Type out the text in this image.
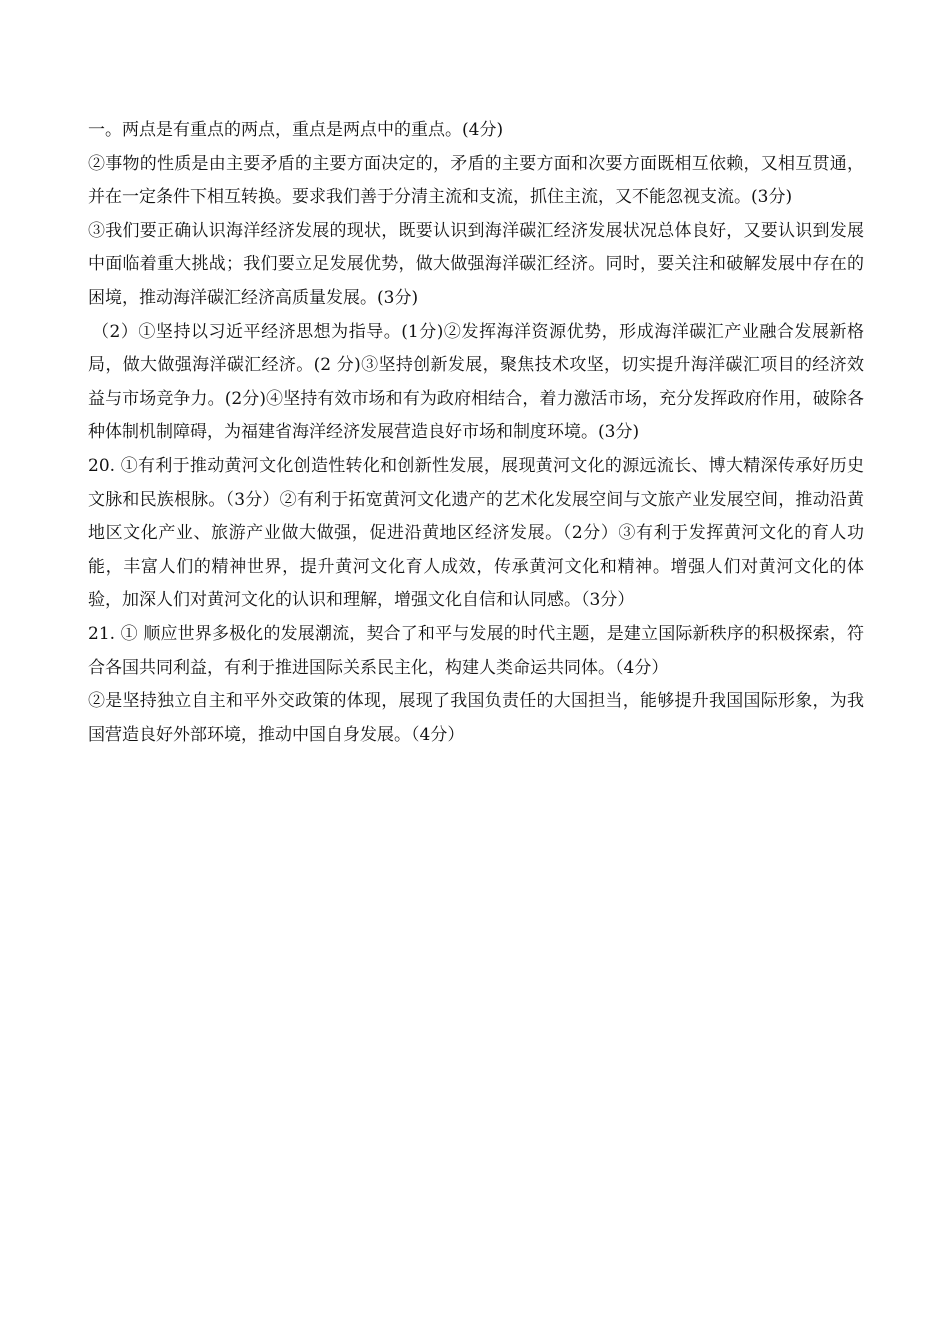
一。两点是有重点的两点，重点是两点中的重点。(4分)

②事物的性质是由主要矛盾的主要方面决定的，矛盾的主要方面和次要方面既相互依赖，又相互贯通，并在一定条件下相互转换。要求我们善于分清主流和支流，抓住主流，又不能忽视支流。(3分)

③我们要正确认识海洋经济发展的现状，既要认识到海洋碳汇经济发展状况总体良好，又要认识到发展中面临着重大挑战；我们要立足发展优势，做大做强海洋碳汇经济。同时，要关注和破解发展中存在的困境，推动海洋碳汇经济高质量发展。(3分)

（2）①坚持以习近平经济思想为指导。(1分)②发挥海洋资源优势，形成海洋碳汇产业融合发展新格局，做大做强海洋碳汇经济。(2 分)③坚持创新发展，聚焦技术攻坚，切实提升海洋碳汇项目的经济效益与市场竞争力。(2分)④坚持有效市场和有为政府相结合，着力激活市场，充分发挥政府作用，破除各种体制机制障碍，为福建省海洋经济发展营造良好市场和制度环境。(3分)

20. ①有利于推动黄河文化创造性转化和创新性发展，展现黄河文化的源远流长、博大精深传承好历史文脉和民族根脉。（3分）②有利于拓宽黄河文化遗产的艺术化发展空间与文旅产业发展空间，推动沿黄地区文化产业、旅游产业做大做强，促进沿黄地区经济发展。（2分）③有利于发挥黄河文化的育人功能，丰富人们的精神世界，提升黄河文化育人成效，传承黄河文化和精神。增强人们对黄河文化的体验，加深人们对黄河文化的认识和理解，增强文化自信和认同感。（3分）

21. ① 顺应世界多极化的发展潮流，契合了和平与发展的时代主题，是建立国际新秩序的积极探索，符合各国共同利益，有利于推进国际关系民主化，构建人类命运共同体。（4分）

②是坚持独立自主和平外交政策的体现，展现了我国负责任的大国担当，能够提升我国国际形象，为我国营造良好外部环境，推动中国自身发展。（4分）
